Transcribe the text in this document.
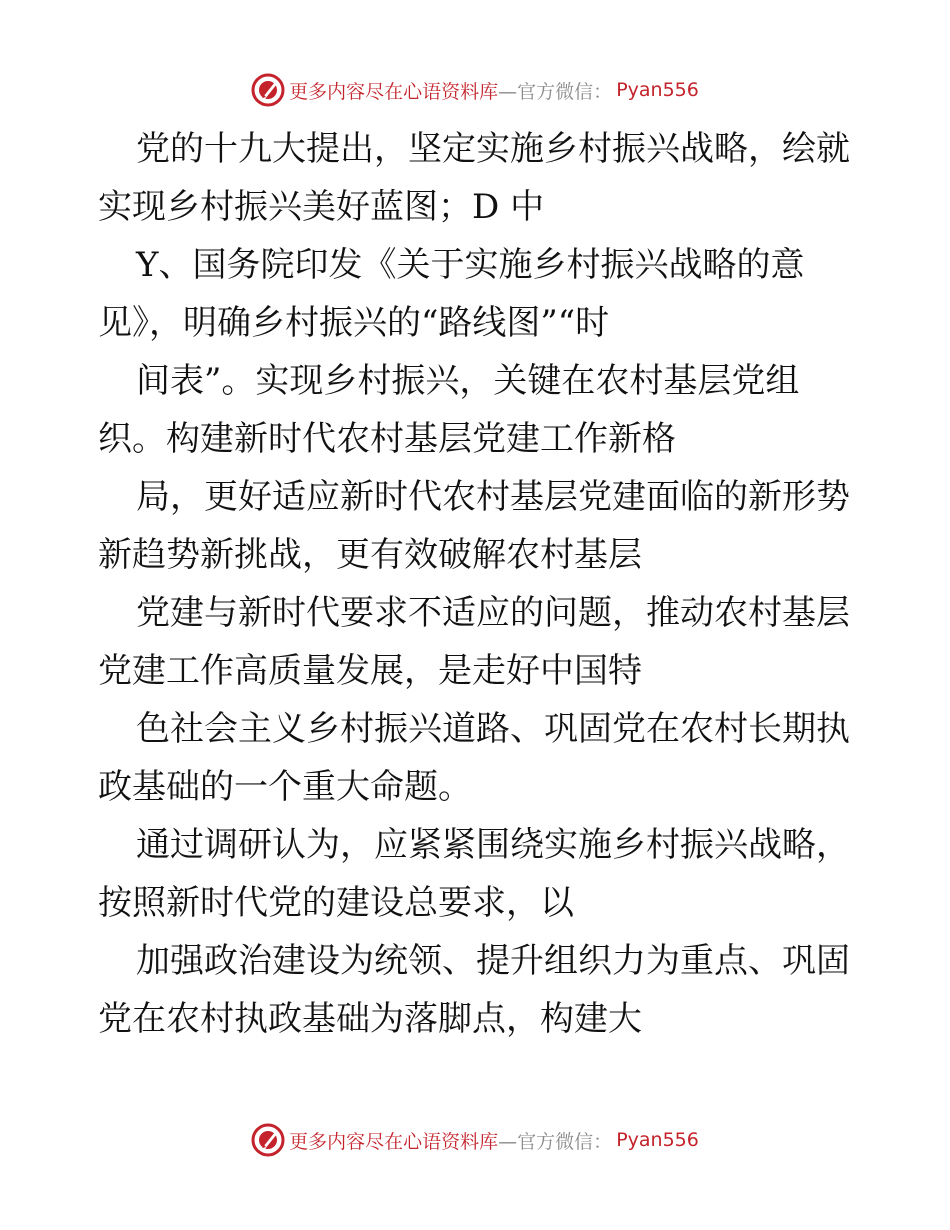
更多内容尽在心语资料库 —官方微信： Pyan556
党的十九大提出，坚定实施乡村振兴战略，绘就
实现乡村振兴美好蓝图；D 中
Y、国务院印发《关于实施乡村振兴战略的意
见》，明确乡村振兴的“路线图”“时
间表”。实现乡村振兴，关键在农村基层党组
织。构建新时代农村基层党建工作新格
局，更好适应新时代农村基层党建面临的新形势
新趋势新挑战，更有效破解农村基层
党建与新时代要求不适应的问题，推动农村基层
党建工作高质量发展，是走好中国特
色社会主义乡村振兴道路、巩固党在农村长期执
政基础的一个重大命题。
通过调研认为，应紧紧围绕实施乡村振兴战略，
按照新时代党的建设总要求，以
加强政治建设为统领、提升组织力为重点、巩固
党在农村执政基础为落脚点，构建大
更多内容尽在心语资料库 —官方微信： Pyan556
